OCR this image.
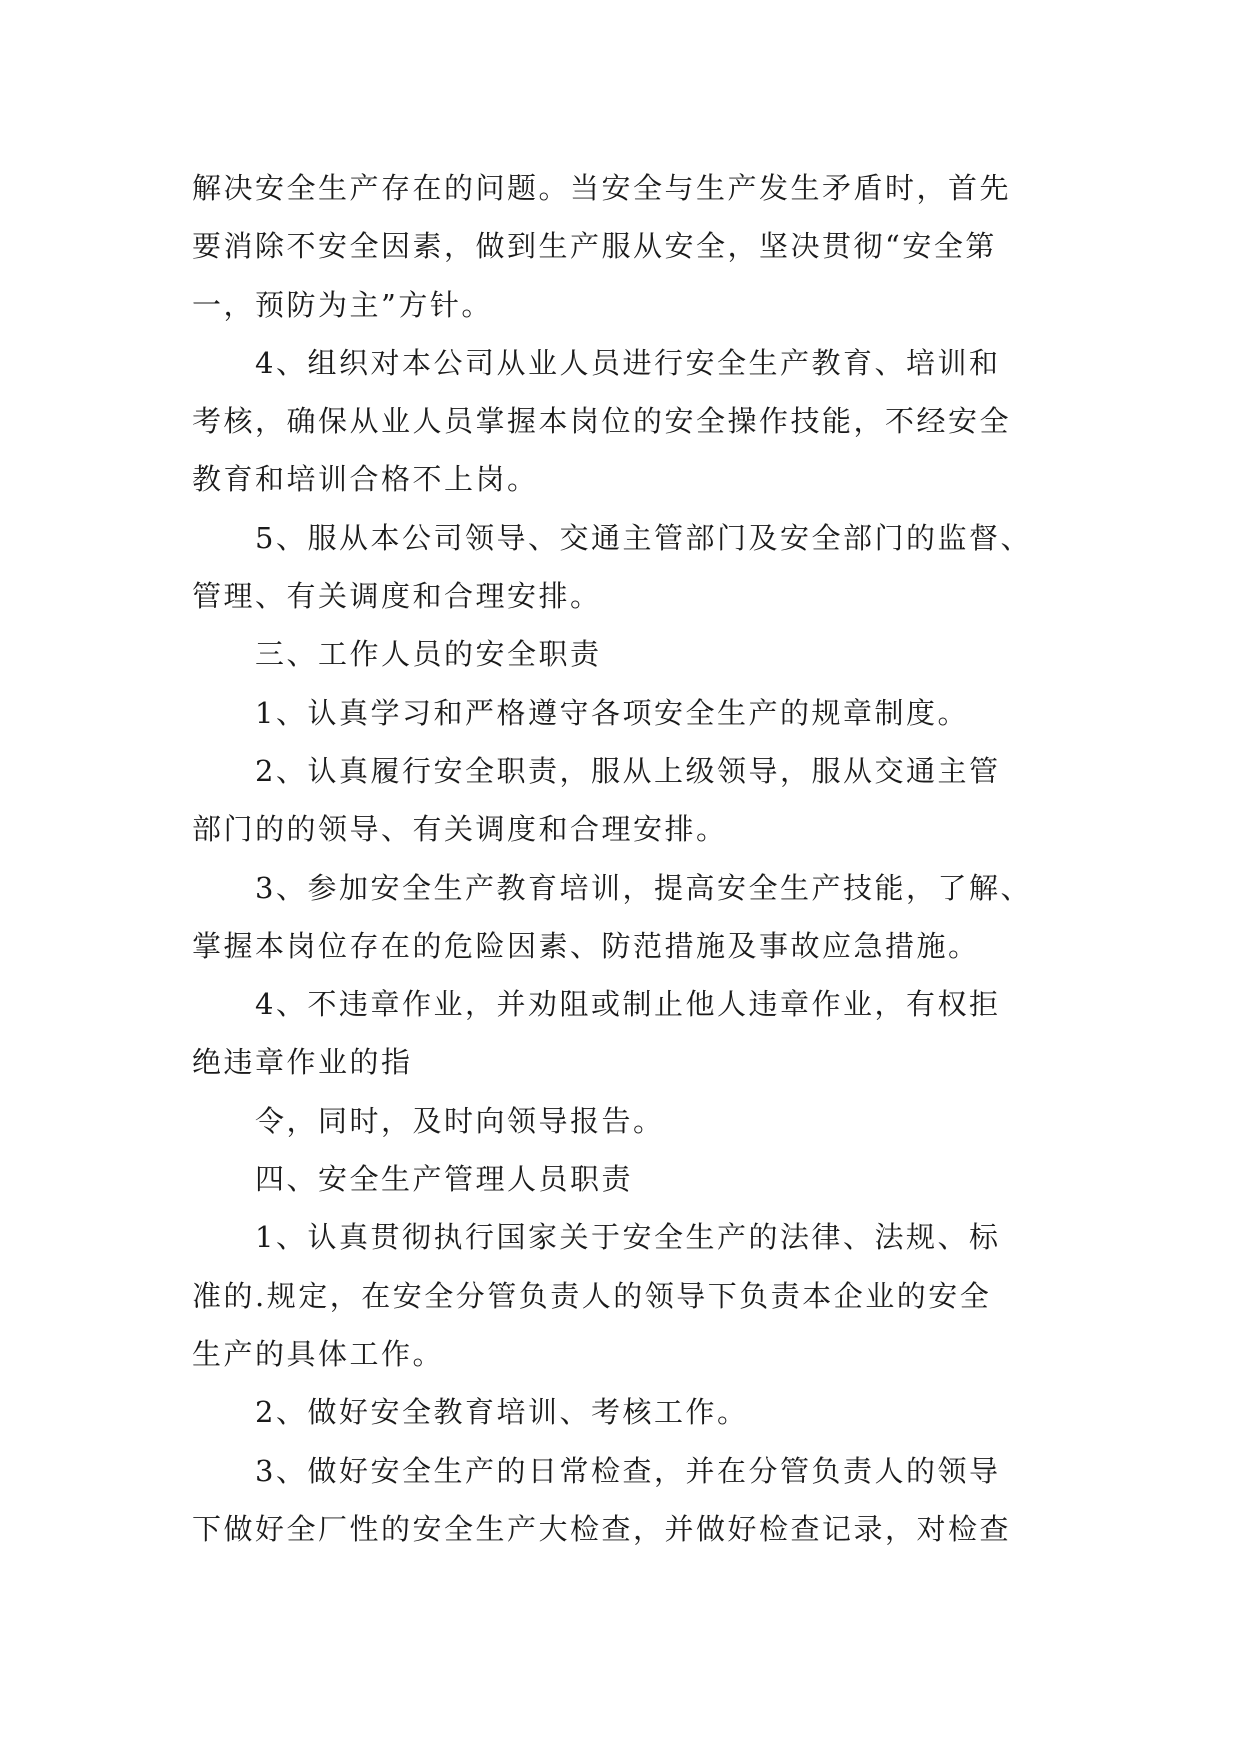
解决安全生产存在的问题。当安全与生产发生矛盾时，首先
要消除不安全因素，做到生产服从安全，坚决贯彻“安全第
一，预防为主”方针。
4、组织对本公司从业人员进行安全生产教育、培训和
考核，确保从业人员掌握本岗位的安全操作技能，不经安全
教育和培训合格不上岗。
5、服从本公司领导、交通主管部门及安全部门的监督、
管理、有关调度和合理安排。
三、工作人员的安全职责
1、认真学习和严格遵守各项安全生产的规章制度。
2、认真履行安全职责，服从上级领导，服从交通主管
部门的的领导、有关调度和合理安排。
3、参加安全生产教育培训，提高安全生产技能，了解、
掌握本岗位存在的危险因素、防范措施及事故应急措施。
4、不违章作业，并劝阻或制止他人违章作业，有权拒
绝违章作业的指
令，同时，及时向领导报告。
四、安全生产管理人员职责
1、认真贯彻执行国家关于安全生产的法律、法规、标
准的.规定，在安全分管负责人的领导下负责本企业的安全
生产的具体工作。
2、做好安全教育培训、考核工作。
3、做好安全生产的日常检查，并在分管负责人的领导
下做好全厂性的安全生产大检查，并做好检查记录，对检查
